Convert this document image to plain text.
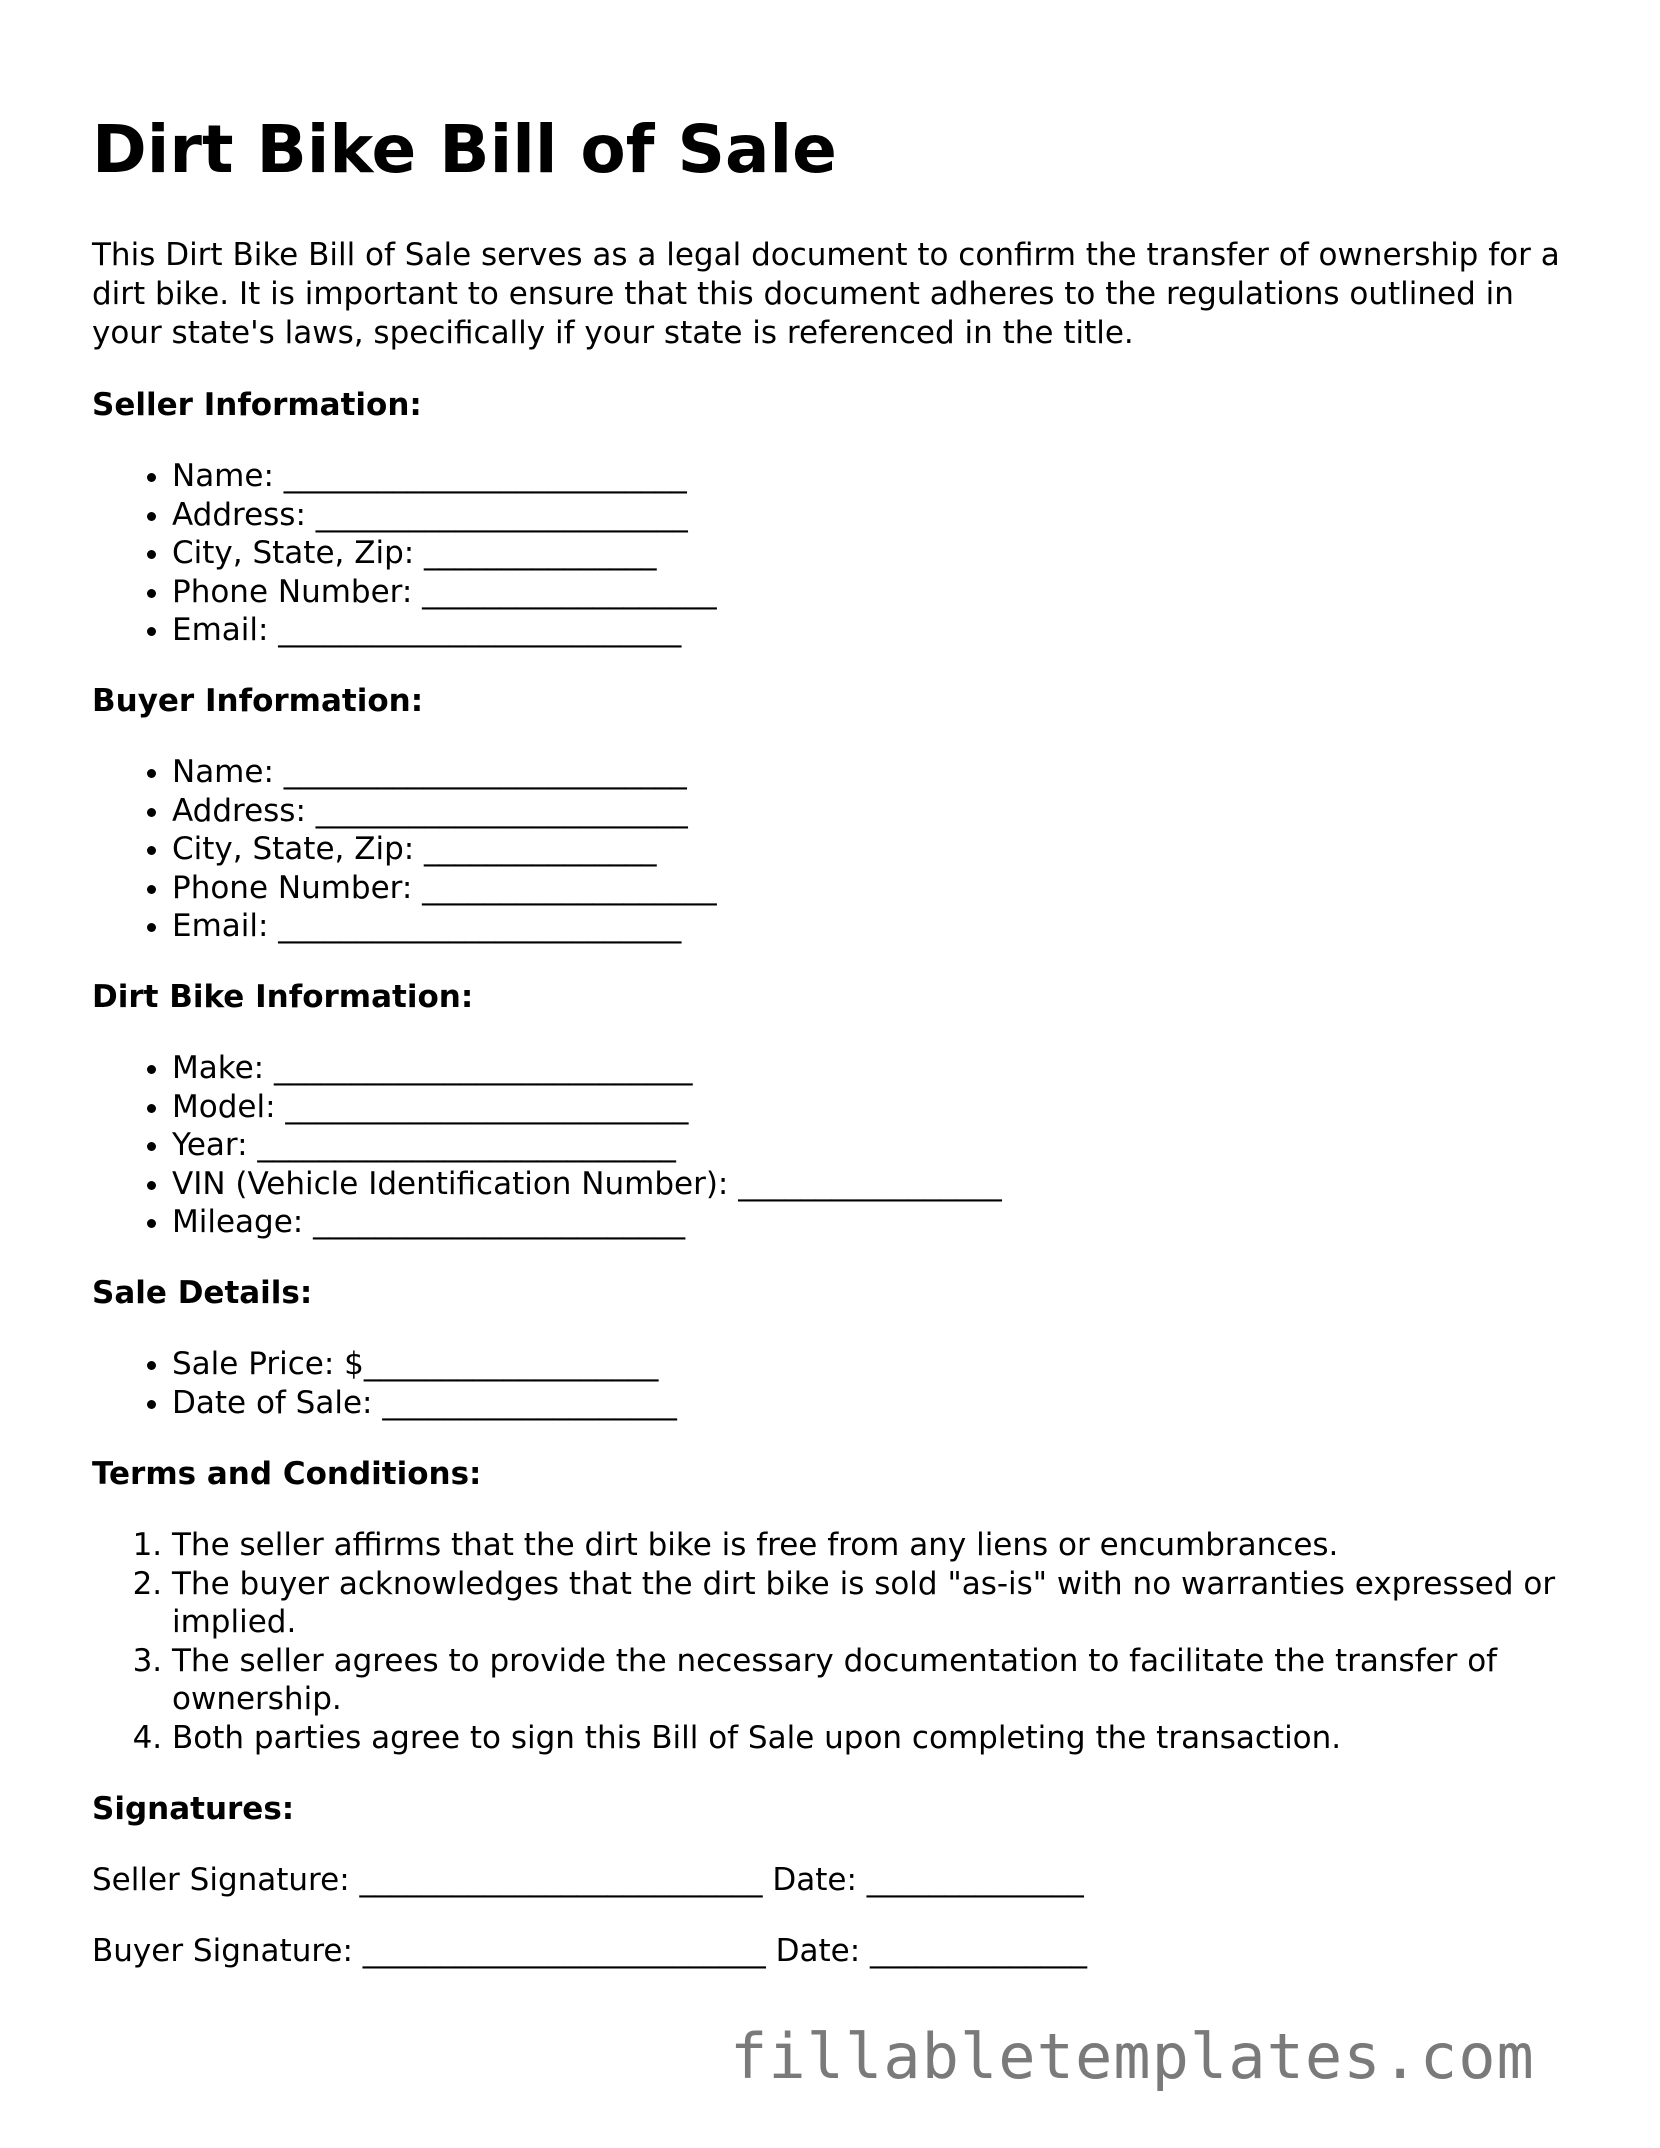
Dirt Bike Bill of Sale

This Dirt Bike Bill of Sale serves as a legal document to confirm the transfer of ownership for a dirt bike. It is important to ensure that this document adheres to the regulations outlined in your state's laws, specifically if your state is referenced in the title.

Seller Information:

• Name: __________________________
• Address: ________________________
• City, State, Zip: _______________
• Phone Number: ___________________
• Email: __________________________

Buyer Information:

• Name: __________________________
• Address: ________________________
• City, State, Zip: _______________
• Phone Number: ___________________
• Email: __________________________

Dirt Bike Information:

• Make: ___________________________
• Model: __________________________
• Year: ___________________________
• VIN (Vehicle Identification Number): _________________
• Mileage: ________________________

Sale Details:

• Sale Price: $___________________
• Date of Sale: ___________________

Terms and Conditions:

1. The seller affirms that the dirt bike is free from any liens or encumbrances.
2. The buyer acknowledges that the dirt bike is sold "as-is" with no warranties expressed or implied.
3. The seller agrees to provide the necessary documentation to facilitate the transfer of ownership.
4. Both parties agree to sign this Bill of Sale upon completing the transaction.

Signatures:

Seller Signature: __________________________ Date: ______________

Buyer Signature: __________________________ Date: ______________

fillabletemplates.com
